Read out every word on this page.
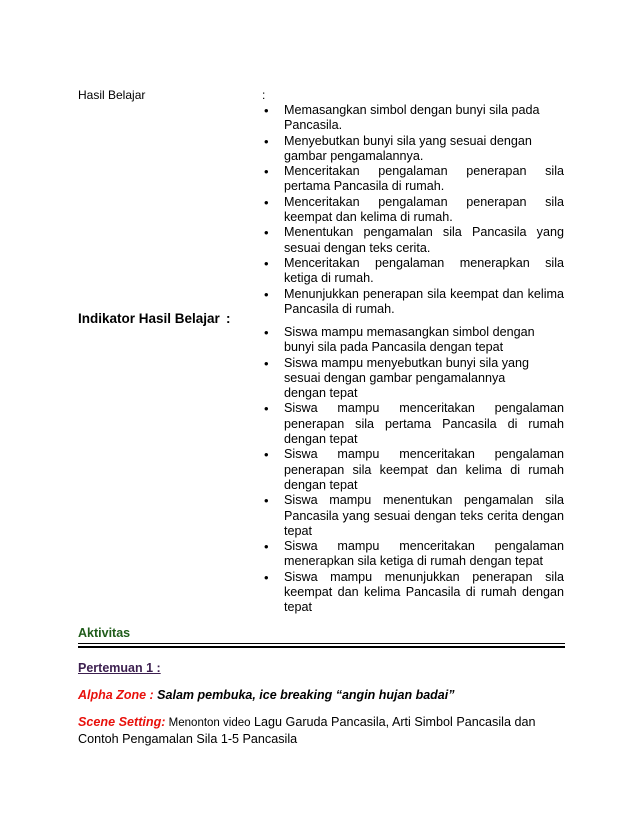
Hasil Belajar	:
• Memasangkan simbol dengan bunyi sila pada Pancasila.
• Menyebutkan bunyi sila yang sesuai dengan gambar pengamalannya.
• Menceritakan pengalaman penerapan sila pertama Pancasila di rumah.
• Menceritakan pengalaman penerapan sila keempat dan kelima di rumah.
• Menentukan pengamalan sila Pancasila yang sesuai dengan teks cerita.
• Menceritakan pengalaman menerapkan sila ketiga di rumah.
• Menunjukkan penerapan sila keempat dan kelima Pancasila di rumah.
Indikator Hasil Belajar :
• Siswa mampu memasangkan simbol dengan bunyi sila pada Pancasila dengan tepat
• Siswa mampu menyebutkan bunyi sila yang sesuai dengan gambar pengamalannya dengan tepat
• Siswa mampu menceritakan pengalaman penerapan sila pertama Pancasila di rumah dengan tepat
• Siswa mampu menceritakan pengalaman penerapan sila keempat dan kelima di rumah dengan tepat
• Siswa mampu menentukan pengamalan sila Pancasila yang sesuai dengan teks cerita dengan tepat
• Siswa mampu menceritakan pengalaman menerapkan sila ketiga di rumah dengan tepat
• Siswa mampu menunjukkan penerapan sila keempat dan kelima Pancasila di rumah dengan tepat
Aktivitas
Pertemuan 1 :
Alpha Zone : Salam pembuka, ice breaking “angin hujan badai”
Scene Setting: Menonton video Lagu Garuda Pancasila, Arti Simbol Pancasila dan Contoh Pengamalan Sila 1-5 Pancasila
